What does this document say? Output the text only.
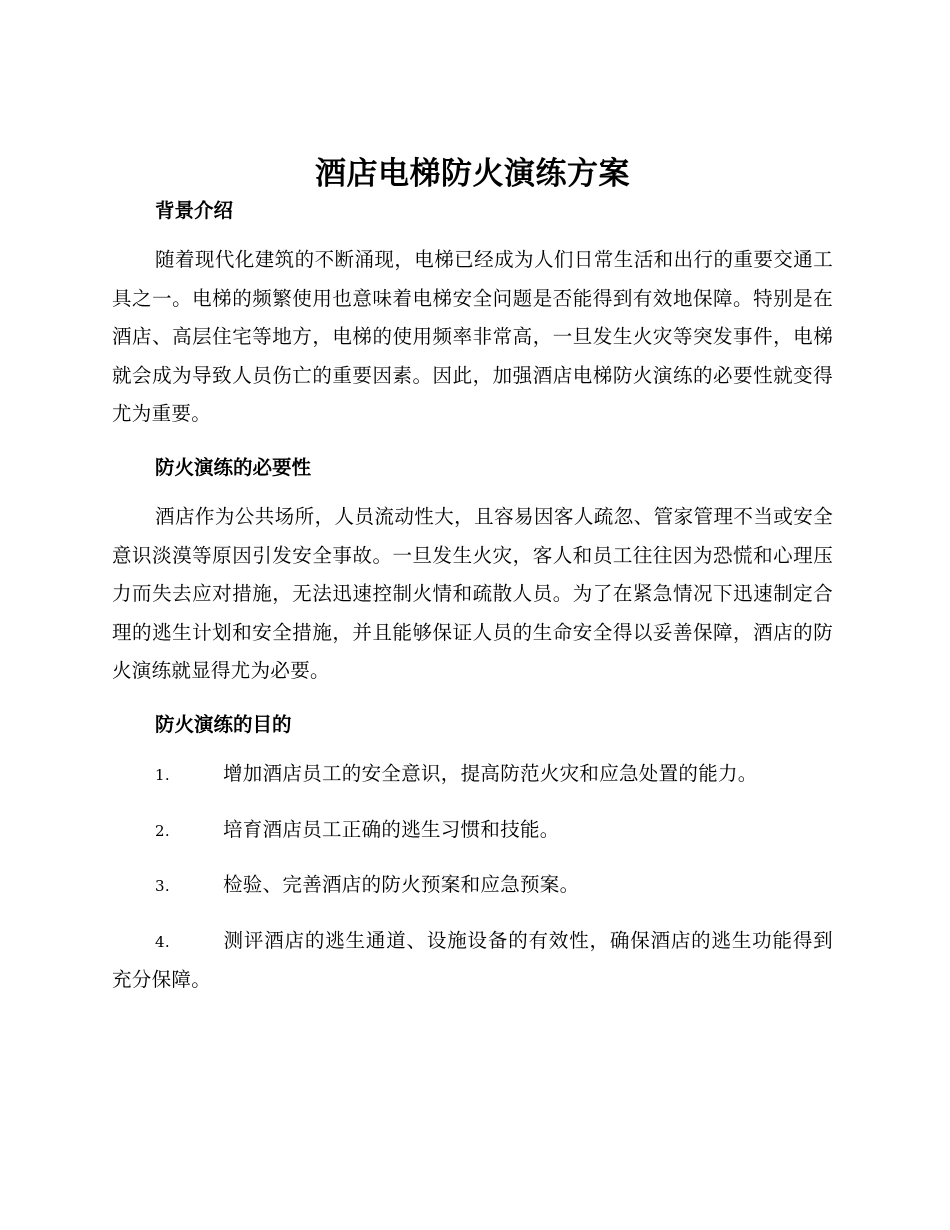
酒店电梯防火演练方案
背景介绍

随着现代化建筑的不断涌现，电梯已经成为人们日常生活和出行的重要交通工具之一。电梯的频繁使用也意味着电梯安全问题是否能得到有效地保障。特别是在酒店、高层住宅等地方，电梯的使用频率非常高，一旦发生火灾等突发事件，电梯就会成为导致人员伤亡的重要因素。因此，加强酒店电梯防火演练的必要性就变得尤为重要。

防火演练的必要性

酒店作为公共场所，人员流动性大，且容易因客人疏忽、管家管理不当或安全意识淡漠等原因引发安全事故。一旦发生火灾，客人和员工往往因为恐慌和心理压力而失去应对措施，无法迅速控制火情和疏散人员。为了在紧急情况下迅速制定合理的逃生计划和安全措施，并且能够保证人员的生命安全得以妥善保障，酒店的防火演练就显得尤为必要。

防火演练的目的
1.	增加酒店员工的安全意识，提高防范火灾和应急处置的能力。
2.	培育酒店员工正确的逃生习惯和技能。
3.	检验、完善酒店的防火预案和应急预案。
4.	测评酒店的逃生通道、设施设备的有效性，确保酒店的逃生功能得到充分保障。
